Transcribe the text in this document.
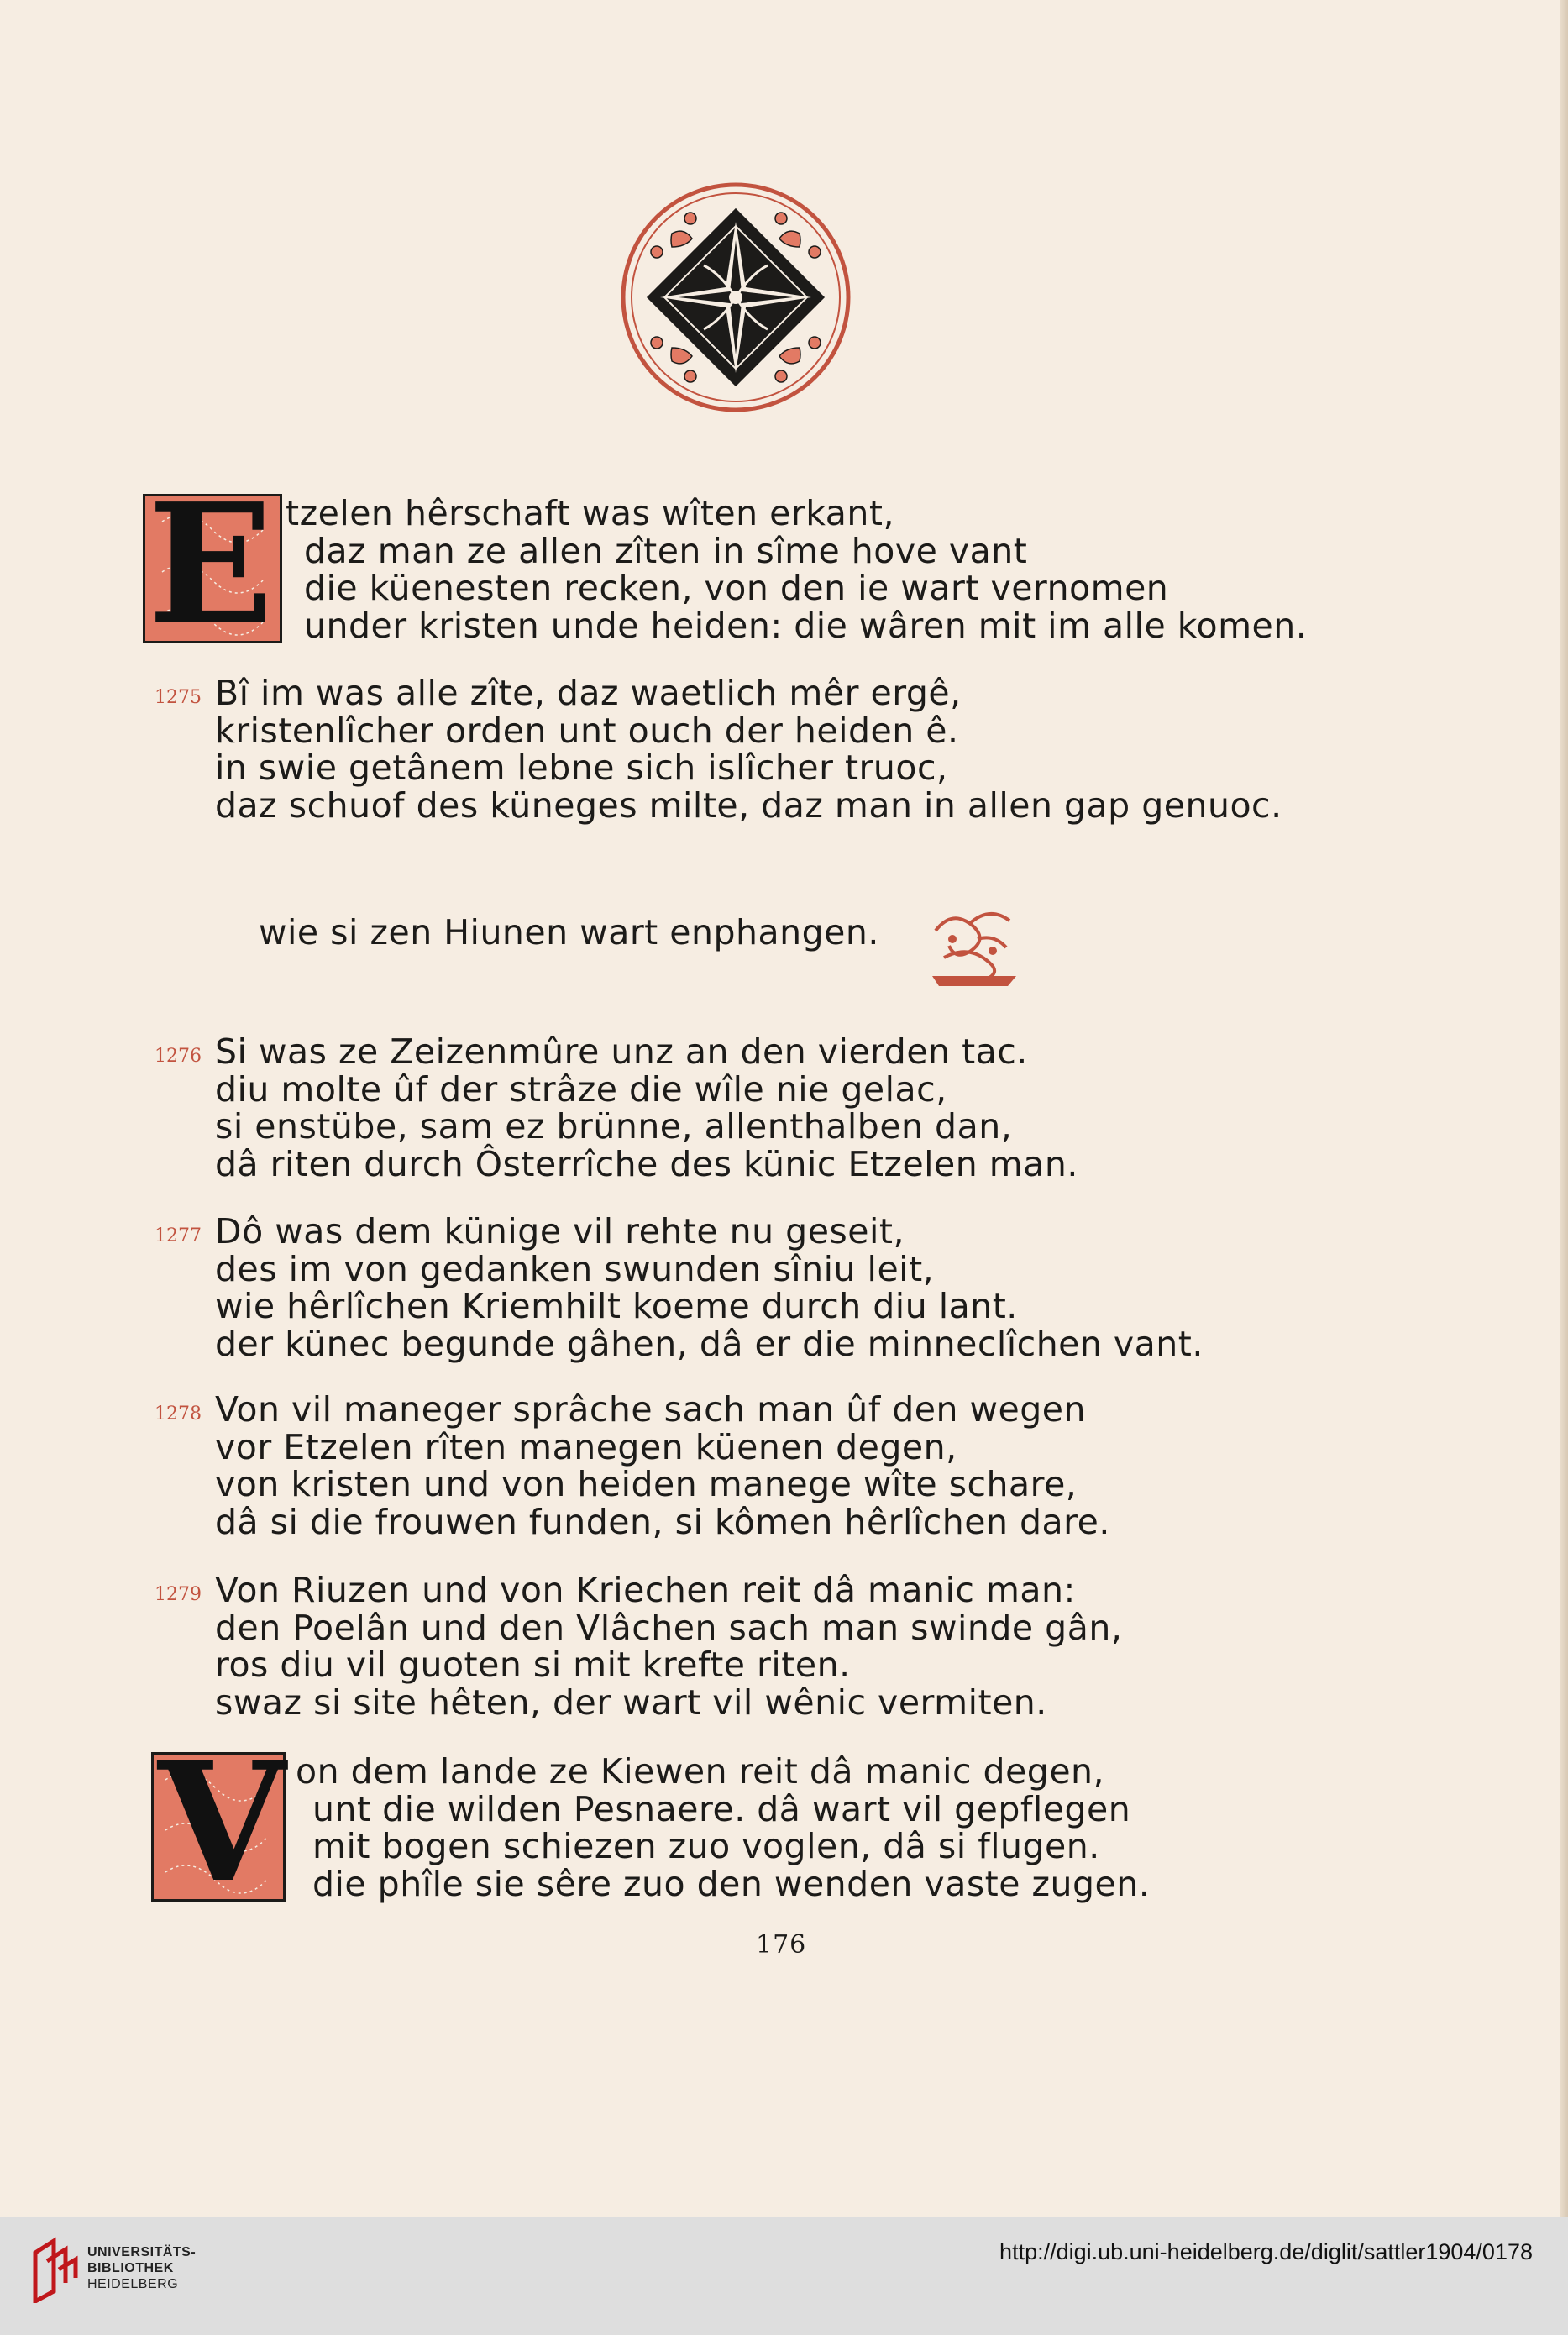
E tzelen hêrschaft was wîten erkant,
daz man ze allen zîten in sîme hove vant
die küenesten recken, von den ie wart vernomen
under kristen unde heiden: die wâren mit im alle komen.
1275 Bî im was alle zîte, daz waetlich mêr ergê,
kristenlîcher orden unt ouch der heiden ê.
in swie getânem lebne sich islîcher truoc,
daz schuof des küneges milte, daz man in allen gap genuoc.
wie si zen Hiunen wart enphangen.
1276 Si was ze Zeizenmûre unz an den vierden tac.
diu molte ûf der strâze die wîle nie gelac,
si enstübe, sam ez brünne, allenthalben dan,
dâ riten durch Ôsterrîche des künic Etzelen man.
1277 Dô was dem künige vil rehte nu geseit,
des im von gedanken swunden sîniu leit,
wie hêrlîchen Kriemhilt koeme durch diu lant.
der künec begunde gâhen, dâ er die minneclîchen vant.
1278 Von vil maneger sprâche sach man ûf den wegen
vor Etzelen rîten manegen küenen degen,
von kristen und von heiden manege wîte schare,
dâ si die frouwen funden, si kômen hêrlîchen dare.
1279 Von Riuzen und von Kriechen reit dâ manic man:
den Poelân und den Vlâchen sach man swinde gân,
ros diu vil guoten si mit krefte riten.
swaz si site hêten, der wart vil wênic vermiten.
V on dem lande ze Kiewen reit dâ manic degen,
unt die wilden Pesnaere. dâ wart vil gepflegen
mit bogen schiezen zuo voglen, dâ si flugen.
die phîle sie sêre zuo den wenden vaste zugen.
176
UNIVERSITÄTS-
BIBLIOTHEK
HEIDELBERG
http://digi.ub.uni-heidelberg.de/diglit/sattler1904/0178
